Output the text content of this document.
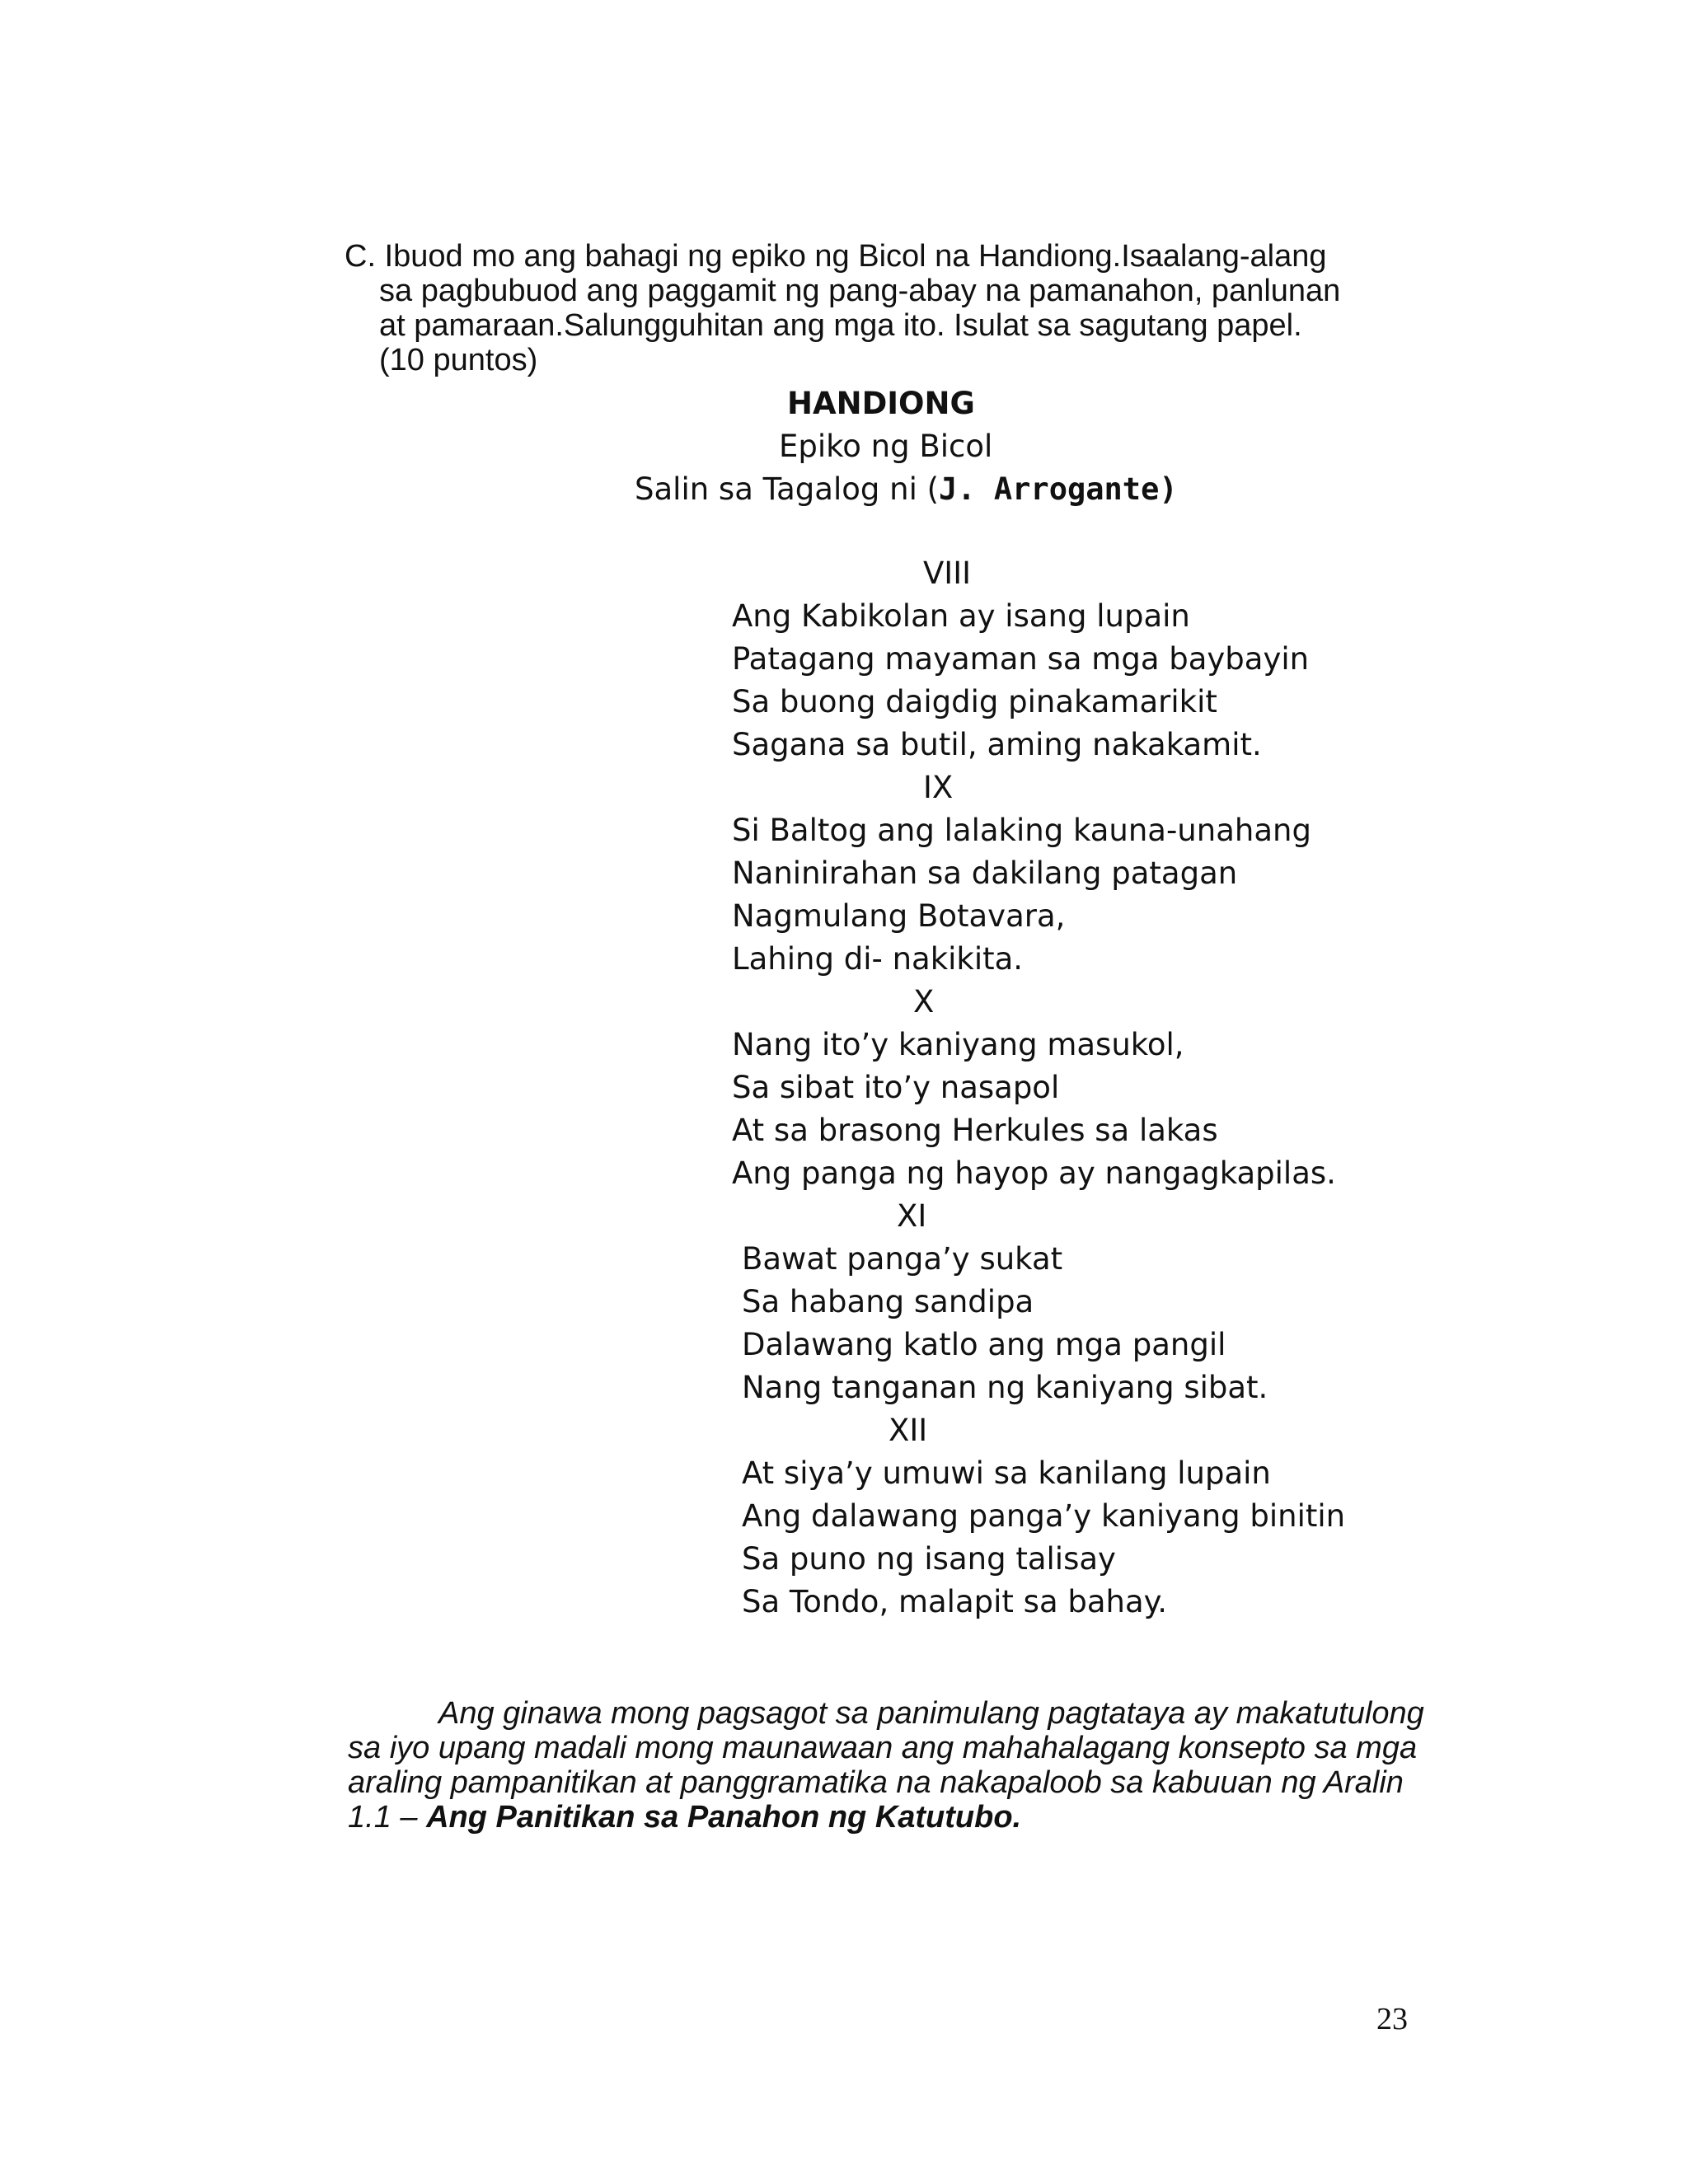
C. Ibuod mo ang bahagi ng epiko ng Bicol na Handiong.Isaalang-alang
sa pagbubuod ang paggamit ng pang-abay na pamanahon, panlunan
at pamaraan.Salungguhitan ang mga ito. Isulat sa sagutang papel.
(10 puntos)
HANDIONG
Epiko ng Bicol
Salin sa Tagalog ni (J. Arrogante)
VIII
Ang Kabikolan ay isang lupain
Patagang mayaman sa mga baybayin
Sa buong daigdig pinakamarikit
Sagana sa butil, aming nakakamit.
IX
Si Baltog ang lalaking kauna-unahang
Naninirahan sa dakilang patagan
Nagmulang Botavara,
Lahing di- nakikita.
X
Nang ito’y kaniyang masukol,
Sa sibat ito’y nasapol
At sa brasong Herkules sa lakas
Ang panga ng hayop ay nangagkapilas.
XI
Bawat panga’y sukat
Sa habang sandipa
Dalawang katlo ang mga pangil
Nang tanganan ng kaniyang sibat.
XII
At siya’y umuwi sa kanilang lupain
Ang dalawang panga’y kaniyang binitin
Sa puno ng isang talisay
Sa Tondo, malapit sa bahay.
Ang ginawa mong pagsagot sa panimulang pagtataya ay makatutulong
sa iyo upang madali mong maunawaan ang mahahalagang konsepto sa mga
araling pampanitikan at panggramatika na nakapaloob sa kabuuan ng Aralin
1.1 – Ang Panitikan sa Panahon ng Katutubo.
23
